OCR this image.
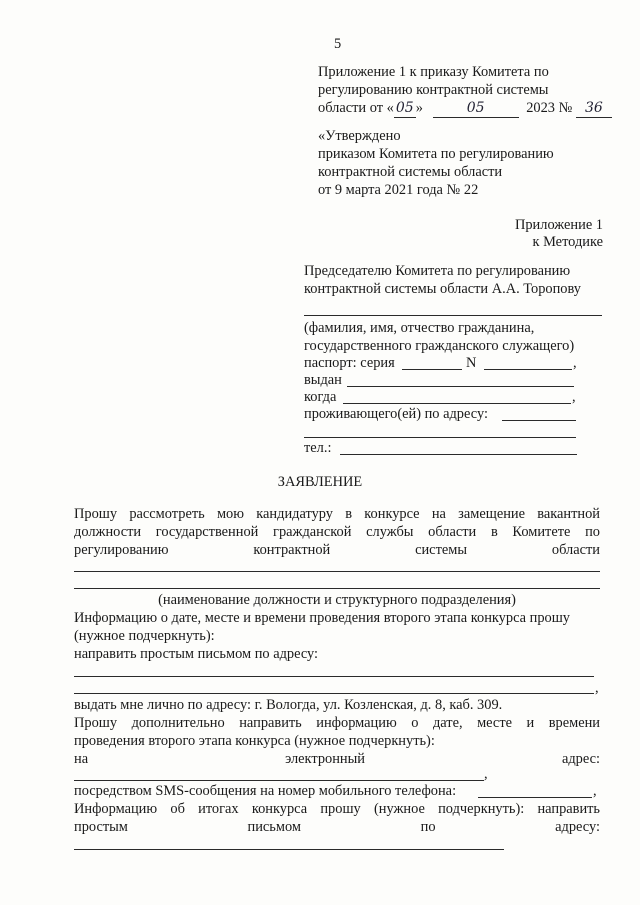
5
Приложение 1 к приказу Комитета по
регулированию контрактной системы
области от « 05 »	05	2023 № 36
«Утверждено
приказом Комитета по регулированию
контрактной системы области
от 9 марта 2021 года № 22
Приложение 1
к Методике
Председателю Комитета по регулированию
контрактной системы области А.А. Торопову
(фамилия, имя, отчество гражданина,
государственного гражданского служащего)
паспорт: серия	N	,
выдан
когда	,
проживающего(ей) по адресу:
тел.:
ЗАЯВЛЕНИЕ
Прошу рассмотреть мою кандидатуру в конкурсе на замещение вакантной
должности государственной гражданской службы области в Комитете по
регулированию контрактной системы области
(наименование должности и структурного подразделения)
Информацию о дате, месте и времени проведения второго этапа конкурса прошу
(нужное подчеркнуть):
направить простым письмом по адресу:
,
выдать мне лично по адресу: г. Вологда, ул. Козленская, д. 8, каб. 309.
Прошу дополнительно направить информацию о дате, месте и времени
проведения второго этапа конкурса (нужное подчеркнуть):
на электронный адрес:
,
посредством SMS-сообщения на номер мобильного телефона:	,
Информацию об итогах конкурса прошу (нужное подчеркнуть): направить
простым письмом по адресу:
